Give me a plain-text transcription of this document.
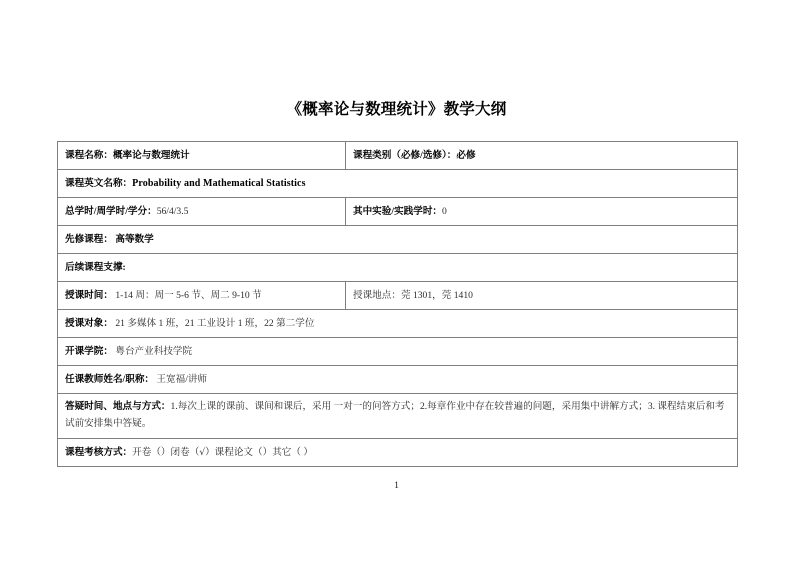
《概率论与数理统计》教学大纲
课程名称：概率论与数理统计	课程类别（必修/选修）：必修
课程英文名称：Probability and Mathematical Statistics	
总学时/周学时/学分：56/4/3.5	其中实验/实践学时：0
先修课程： 高等数学	
后续课程支撑:	
授课时间： 1-14 周：周一 5-6 节、周二 9-10 节	授课地点：莞 1301，莞 1410
授课对象： 21 多媒体 1 班，21 工业设计 1 班，22 第二学位	
开课学院： 粤台产业科技学院	
任课教师姓名/职称： 王宽福/讲师	
答疑时间、地点与方式：1.每次上课的课前、课间和课后，采用 一对一的问答方式；2.每章作业中存在较普遍的问题，采用集中讲解方式；3. 课程结束后和考试前安排集中答疑。	
课程考核方式：开卷（）闭卷（√）课程论文（）其它（ ）	
1
